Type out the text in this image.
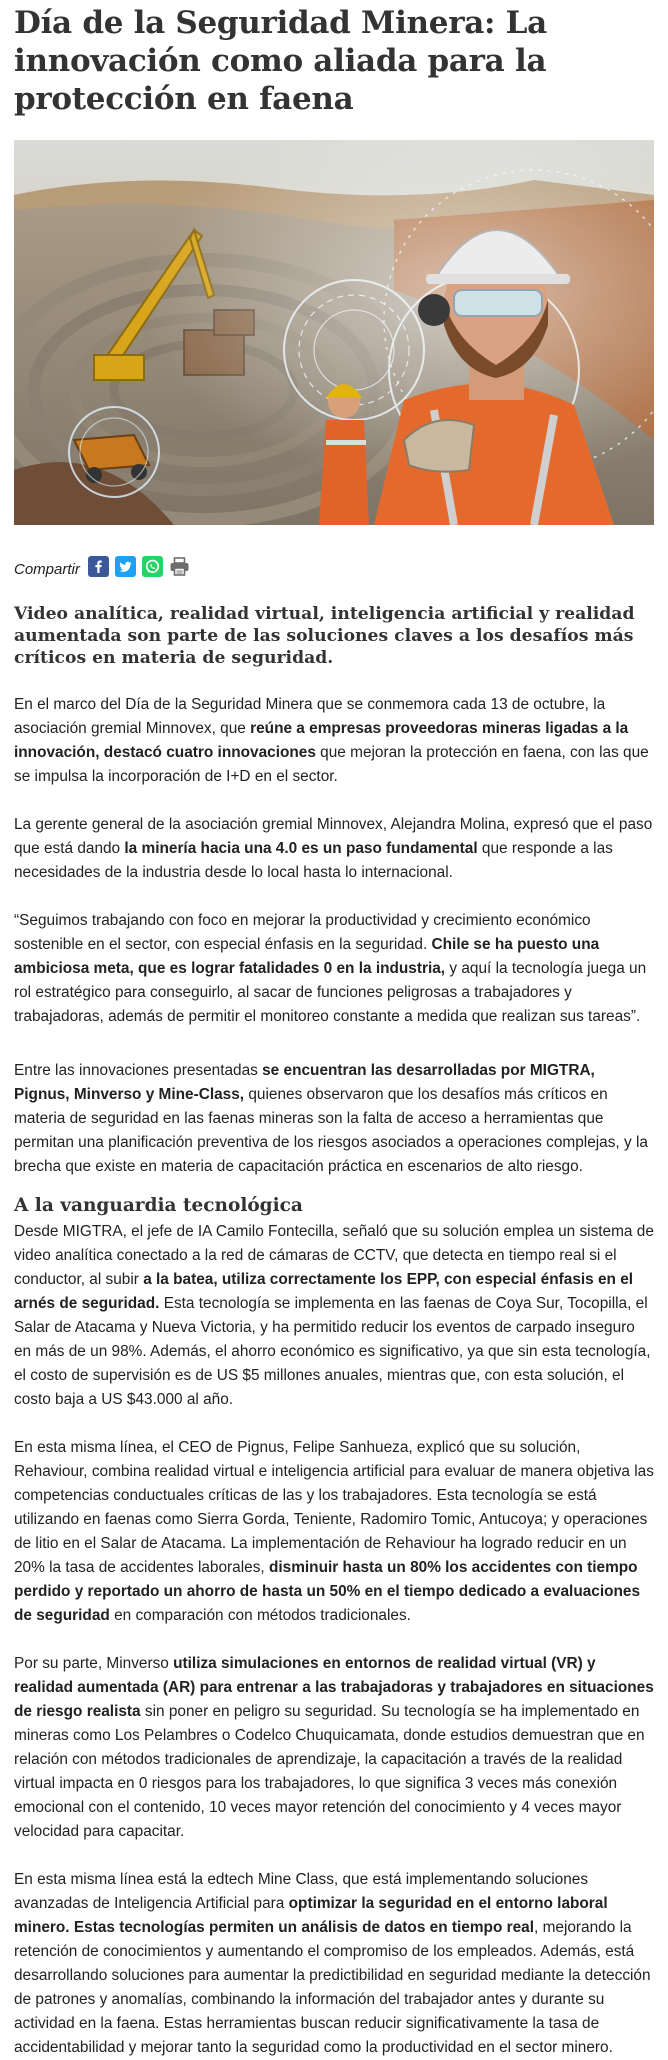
Día de la Seguridad Minera: La innovación como aliada para la protección en faena
Compartir
Video analítica, realidad virtual, inteligencia artificial y realidad aumentada son parte de las soluciones claves a los desafíos más críticos en materia de seguridad.

En el marco del Día de la Seguridad Minera que se conmemora cada 13 de octubre, la asociación gremial Minnovex, que reúne a empresas proveedoras mineras ligadas a la innovación, destacó cuatro innovaciones que mejoran la protección en faena, con las que se impulsa la incorporación de I+D en el sector.

La gerente general de la asociación gremial Minnovex, Alejandra Molina, expresó que el paso que está dando la minería hacia una 4.0 es un paso fundamental que responde a las necesidades de la industria desde lo local hasta lo internacional.

“Seguimos trabajando con foco en mejorar la productividad y crecimiento económico sostenible en el sector, con especial énfasis en la seguridad. Chile se ha puesto una ambiciosa meta, que es lograr fatalidades 0 en la industria, y aquí la tecnología juega un rol estratégico para conseguirlo, al sacar de funciones peligrosas a trabajadores y trabajadoras, además de permitir el monitoreo constante a medida que realizan sus tareas”.

Entre las innovaciones presentadas se encuentran las desarrolladas por MIGTRA, Pignus, Minverso y Mine-Class, quienes observaron que los desafíos más críticos en materia de seguridad en las faenas mineras son la falta de acceso a herramientas que permitan una planificación preventiva de los riesgos asociados a operaciones complejas, y la brecha que existe en materia de capacitación práctica en escenarios de alto riesgo.

A la vanguardia tecnológica

Desde MIGTRA, el jefe de IA Camilo Fontecilla, señaló que su solución emplea un sistema de video analítica conectado a la red de cámaras de CCTV, que detecta en tiempo real si el conductor, al subir a la batea, utiliza correctamente los EPP, con especial énfasis en el arnés de seguridad. Esta tecnología se implementa en las faenas de Coya Sur, Tocopilla, el Salar de Atacama y Nueva Victoria, y ha permitido reducir los eventos de carpado inseguro en más de un 98%. Además, el ahorro económico es significativo, ya que sin esta tecnología, el costo de supervisión es de US $5 millones anuales, mientras que, con esta solución, el costo baja a US $43.000 al año.

En esta misma línea, el CEO de Pignus, Felipe Sanhueza, explicó que su solución, Rehaviour, combina realidad virtual e inteligencia artificial para evaluar de manera objetiva las competencias conductuales críticas de las y los trabajadores. Esta tecnología se está utilizando en faenas como Sierra Gorda, Teniente, Radomiro Tomic, Antucoya; y operaciones de litio en el Salar de Atacama. La implementación de Rehaviour ha logrado reducir en un 20% la tasa de accidentes laborales, disminuir hasta un 80% los accidentes con tiempo perdido y reportado un ahorro de hasta un 50% en el tiempo dedicado a evaluaciones de seguridad en comparación con métodos tradicionales.

Por su parte, Minverso utiliza simulaciones en entornos de realidad virtual (VR) y realidad aumentada (AR) para entrenar a las trabajadoras y trabajadores en situaciones de riesgo realista sin poner en peligro su seguridad. Su tecnología se ha implementado en mineras como Los Pelambres o Codelco Chuquicamata, donde estudios demuestran que en relación con métodos tradicionales de aprendizaje, la capacitación a través de la realidad virtual impacta en 0 riesgos para los trabajadores, lo que significa 3 veces más conexión emocional con el contenido, 10 veces mayor retención del conocimiento y 4 veces mayor velocidad para capacitar.

En esta misma línea está la edtech Mine Class, que está implementando soluciones avanzadas de Inteligencia Artificial para optimizar la seguridad en el entorno laboral minero. Estas tecnologías permiten un análisis de datos en tiempo real, mejorando la retención de conocimientos y aumentando el compromiso de los empleados. Además, está desarrollando soluciones para aumentar la predictibilidad en seguridad mediante la detección de patrones y anomalías, combinando la información del trabajador antes y durante su actividad en la faena. Estas herramientas buscan reducir significativamente la tasa de accidentabilidad y mejorar tanto la seguridad como la productividad en el sector minero.
